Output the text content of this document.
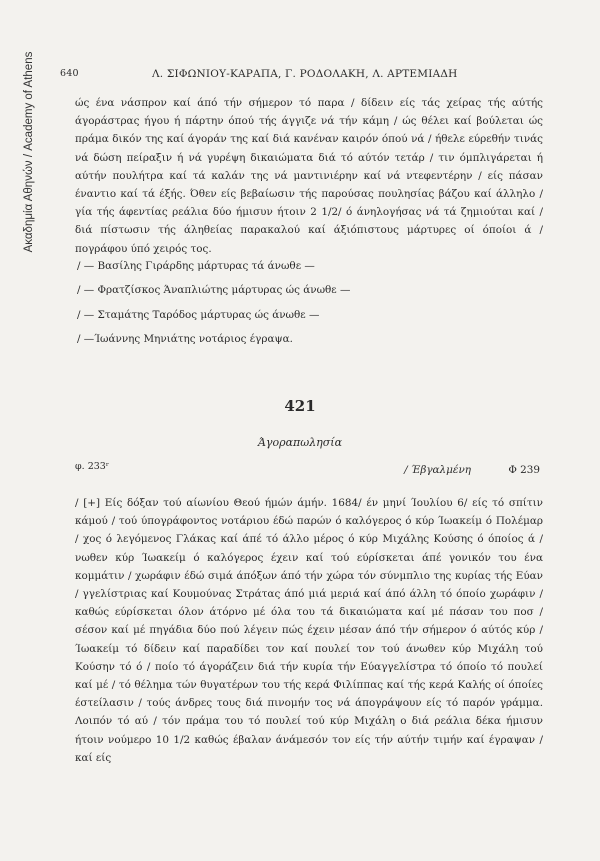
Ακαδημία Αθηνών / Academy of Athens	640	Λ. ΣΙΦΩΝΙΟΥ-ΚΑΡΑΠΑ, Γ. ΡΟΔΟΛΑΚΗ, Λ. ΑΡΤΕΜΙΑΔΗ

ώς ένα νάσπρον καί άπό τήν σήμερον τό παρα / δίδειν είς τάς χείρας τής αύτής άγοράστρας ήγου ή πάρτην όπού τής άγγιζε νά τήν κάμη / ώς θέλει καί βούλεται ώς πράμα δικόν της καί άγοράν της καί διά κανέναν καιρόν όπού νά / ήθελε εύρεθήν τινάς νά δώση πείραξιν ή νά γυρέψη δικαιώματα διά τό αύτόν τετάρ / τιν όμπλιγάρεται ή αύτήν πουλήτρα καί τά καλάν της νά μαντινιέρην καί νά ντεφεντέρην / είς πάσαν έναντιο καί τά έξής. Όθεν είς βεβαίωσιν τής παρούσας πουλησίας βάζου καί άλληλο / γία τής άφεντίας ρεάλια δύο ήμισυν ήτοιν 2 1/2/ ό άνηλογήσας νά τά ζημιούται καί / διά πίστωσιν τής άληθείας παρακαλού καί άξιόπιστους μάρτυρες οί όποίοι ά / πογράφου ύπό χειρός τος.

/ — Βασίλης Γιράρδης μάρτυρας τά άνωθε —
/ — Φρατζίσκος Άναπλιώτης μάρτυρας ώς άνωθε —
/ — Σταμάτης Ταρόδος μάρτυρας ώς άνωθε —
/ —Ίωάννης Μηνιάτης νοτάριος έγραψα.
421
Άγοραπωλησία
φ. 233ʳ	/ Έβγαλμένη	Φ 239

/ [+] Είς δόξαν τού αίωνίου Θεού ήμών άμήν. 1684/ έν μηνί Ίουλίου 6/ είς τό σπίτιν κάμού / τού ύπογράφοντος νοτάριου έδώ παρών ό καλόγερος ό κύρ Ίωακείμ ό Πολέμαρ / χος ό λεγόμενος Γλάκας καί άπέ τό άλλο μέρος ό κύρ Μιχάλης Κούσης ό όποίος ά / νωθεν κύρ Ίωακείμ ό καλόγερος έχειν καί τού εύρίσκεται άπέ γονικόν του ένα κομμάτιν / χωράφιν έδώ σιμά άπόξων άπό τήν χώρα τόν σύνμπλιο της κυρίας τής Εύαν / γγελίστριας καί Κουμούνας Στράτας άπό μιά μεριά καί άπό άλλη τό όποίο χωράφιν / καθώς εύρίσκεται όλον άτόρνο μέ όλα του τά δικαιώματα καί μέ πάσαν του ποσ / σέσον καί μέ πηγάδια δύο πού λέγειν πώς έχειν μέσαν άπό τήν σήμερον ό αύτός κύρ / Ίωακείμ τό δίδειν καί παραδίδει τον καί πουλεί τον τού άνωθεν κύρ Μιχάλη τού Κούσην τό ό / ποίο τό άγοράζειν διά τήν κυρία τήν Εύαγγελίστρα τό όποίο τό πουλεί καί μέ / τό θέλημα τών θυγατέρων του τής κερά Φιλίππας καί τής κερά Καλής οί όποίες έστείλασιν / τούς άνδρες τους διά πινομήν τος νά άπογράψουν είς τό παρόν γράμμα. Λοιπόν τό αύ / τόν πράμα του τό πουλεί τού κύρ Μιχάλη ο διά ρεάλια δέκα ήμισυν ήτοιν νούμερο 10 1/2 καθώς έβαλαν άνάμεσόν τον είς τήν αύτήν τιμήν καί έγραψαν / καί είς
